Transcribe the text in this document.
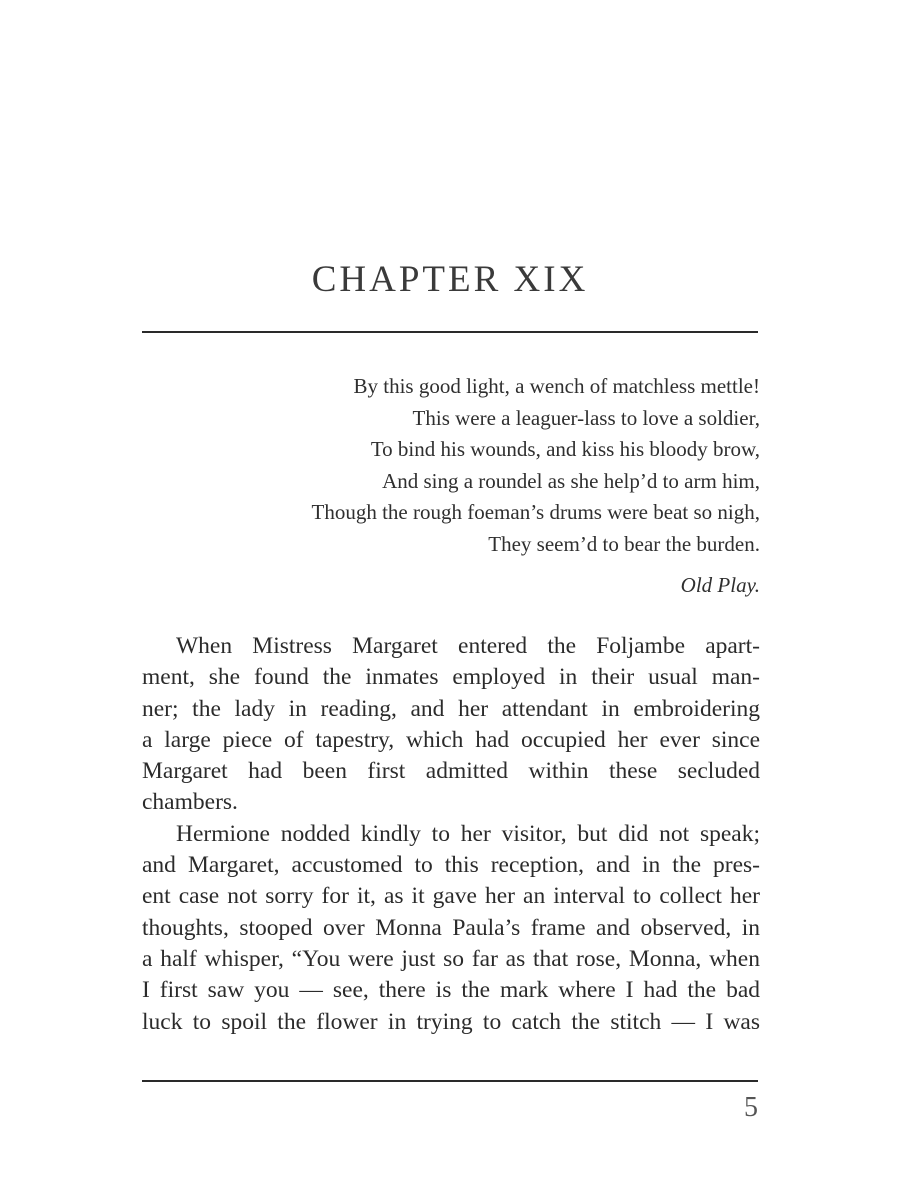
CHAPTER XIX
By this good light, a wench of matchless mettle!
This were a leaguer-lass to love a soldier,
To bind his wounds, and kiss his bloody brow,
And sing a roundel as she help’d to arm him,
Though the rough foeman’s drums were beat so nigh,
They seem’d to bear the burden.
Old Play.
When Mistress Margaret entered the Foljambe apart-
ment, she found the inmates employed in their usual man-
ner; the lady in reading, and her attendant in embroidering
a large piece of tapestry, which had occupied her ever since
Margaret had been first admitted within these secluded
chambers.
Hermione nodded kindly to her visitor, but did not speak;
and Margaret, accustomed to this reception, and in the pres-
ent case not sorry for it, as it gave her an interval to collect her
thoughts, stooped over Monna Paula’s frame and observed, in
a half whisper, “You were just so far as that rose, Monna, when
I first saw you — see, there is the mark where I had the bad
luck to spoil the flower in trying to catch the stitch — I was
5
